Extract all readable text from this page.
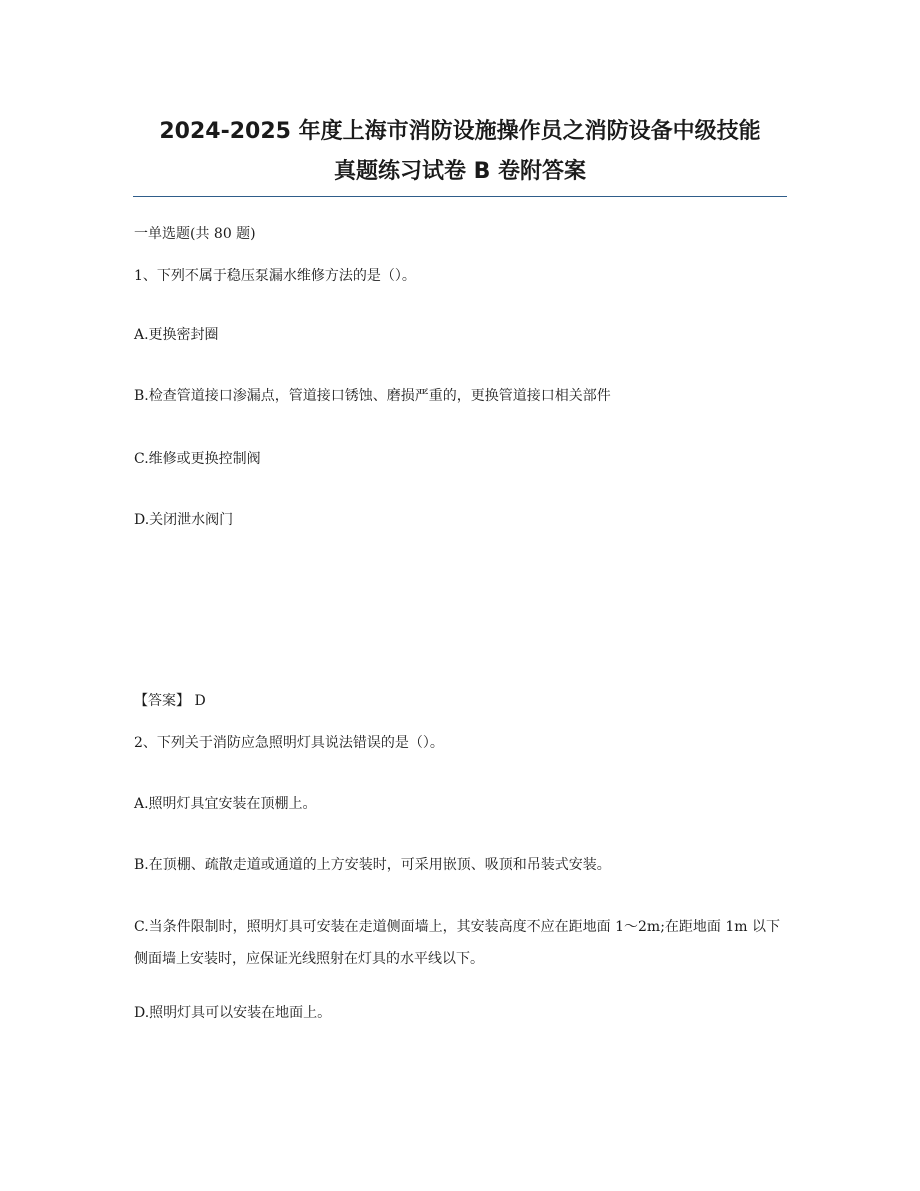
2024-2025 年度上海市消防设施操作员之消防设备中级技能
真题练习试卷 B 卷附答案

一单选题(共 80 题)

1、下列不属于稳压泵漏水维修方法的是（）。

A.更换密封圈

B.检查管道接口渗漏点，管道接口锈蚀、磨损严重的，更换管道接口相关部件

C.维修或更换控制阀

D.关闭泄水阀门

【答案】 D

2、下列关于消防应急照明灯具说法错误的是（）。

A.照明灯具宜安装在顶棚上。

B.在顶棚、疏散走道或通道的上方安装时，可采用嵌顶、吸顶和吊装式安装。

C.当条件限制时，照明灯具可安装在走道侧面墙上，其安装高度不应在距地面 1～2m;在距地面 1m 以下侧面墙上安装时，应保证光线照射在灯具的水平线以下。

D.照明灯具可以安装在地面上。
